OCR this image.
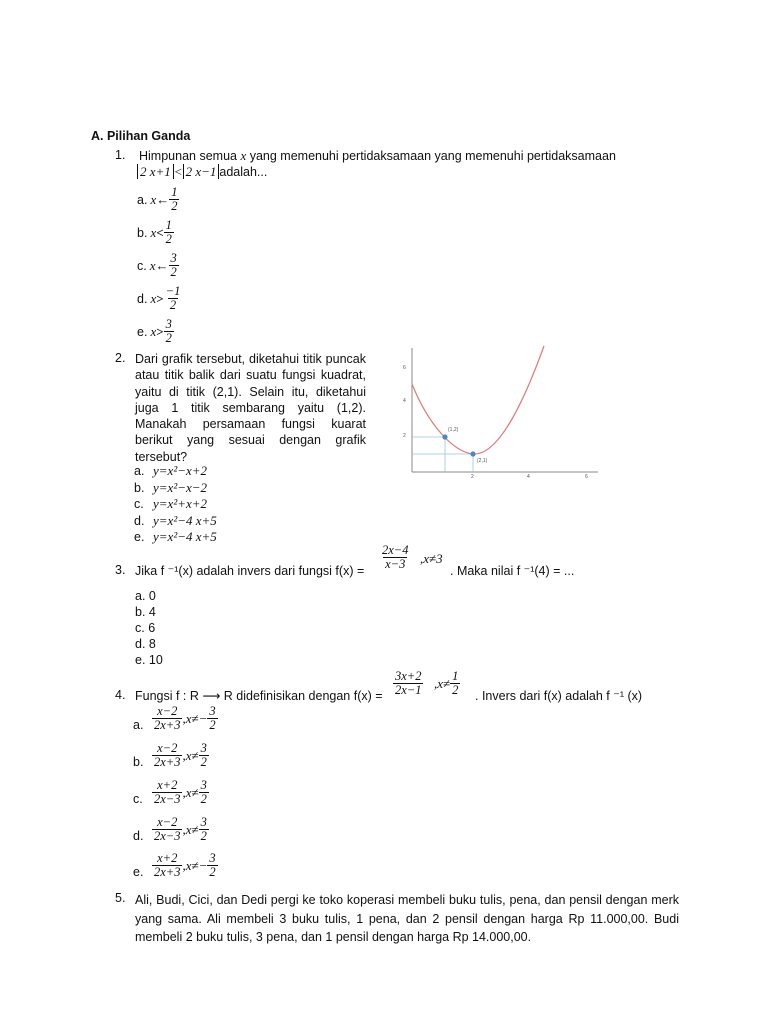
A. Pilihan Ganda
1. Himpunan semua x yang memenuhi pertidaksamaan yang memenuhi pertidaksamaan
2 x+1 < 2 x−1 adalah...
a. x ← $\frac{1}{2}$
b. $x < \frac{1}{2}$
c. x ← $\frac{3}{2}$
d. $x > \frac{-1}{2}$
e. $x > \frac{3}{2}$
2. Dari grafik tersebut, diketahui titik puncak atau titik balik dari suatu fungsi kuadrat, yaitu di titik (2,1). Selain itu, diketahui juga 1 titik sembarang yaitu (1,2). Manakah persamaan fungsi kuarat berikut yang sesuai dengan grafik tersebut?
a. y=x²−x+2
b. y=x²−x−2
c. y=x²+x+2
d. y=x²−4 x+5
e. y=x²−4 x+5
6
4
2
2	4	6
(1,2)
(2,1)
3. Jika f ⁻¹(x) adalah invers dari fungsi $f(x) = \frac{2x-4}{x-3} ,x\ne 3$
. Maka nilai f ⁻¹(4) = ...
a. 0
b. 4
c. 6
d. 8
e. 10
4. Fungsi f : R ⟶ R didefinisikan dengan $f(x) = \frac{3x+2}{2x-1} ,x\ne \frac{1}{2}$ . Invers dari f(x) adalah f ⁻¹ (x)
a. $\frac{x-2}{2x+3} ,x\ne- \frac{3}{2}$
b. $\frac{x-2}{2x+3} ,x\ne \frac{3}{2}$
c. $\frac{x+2}{2x-3} ,x\ne \frac{3}{2}$
d. $\frac{x-2}{2x-3} ,x\ne \frac{3}{2}$
e. $\frac{x+2}{2x+3} ,x\ne- \frac{3}{2}$
5. Ali, Budi, Cici, dan Dedi pergi ke toko koperasi membeli buku tulis, pena, dan pensil dengan merk yang sama. Ali membeli 3 buku tulis, 1 pena, dan 2 pensil dengan harga Rp 11.000,00. Budi membeli 2 buku tulis, 3 pena, dan 1 pensil dengan harga Rp 14.000,00.
